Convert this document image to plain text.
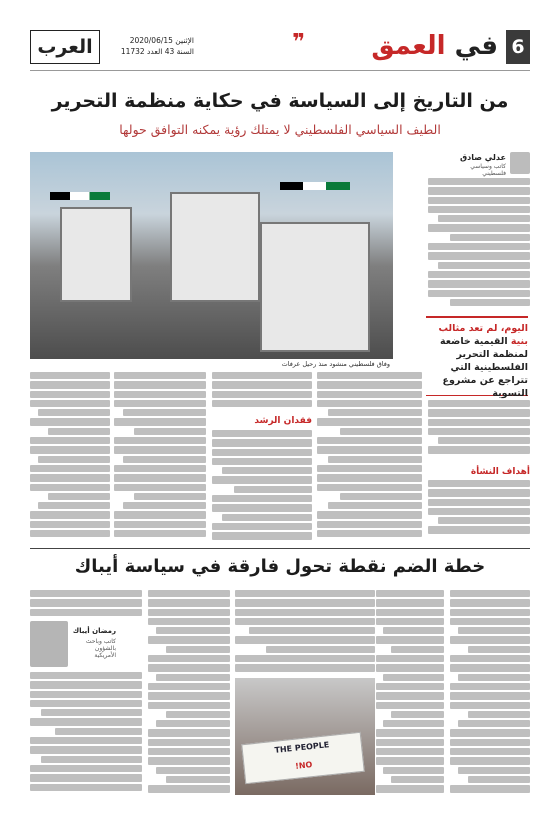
6
في العمق
❞
الإثنين 2020/06/15
السنة 43 العدد 11732
العرب
من التاريخ إلى السياسة في حكاية منظمة التحرير
الطيف السياسي الفلسطيني لا يمتلك رؤية يمكنه التوافق حولها
عدلي صادق
كاتب وسياسي فلسطيني
أهداف النشأة
وفاق فلسطيني منشود منذ رحيل عرفات
اليوم، لم تعد مثالب بنية القيمية خاضعة لمنظمة التحرير الفلسطينية التي تتراجع عن مشروع التسوية
فقدان الرشد
خطة الضم نقطة تحول فارقة في سياسة أيباك
رمضان أيباك
كاتب وباحث بالشؤون الأمريكية
THE PEOPLE
NO!
